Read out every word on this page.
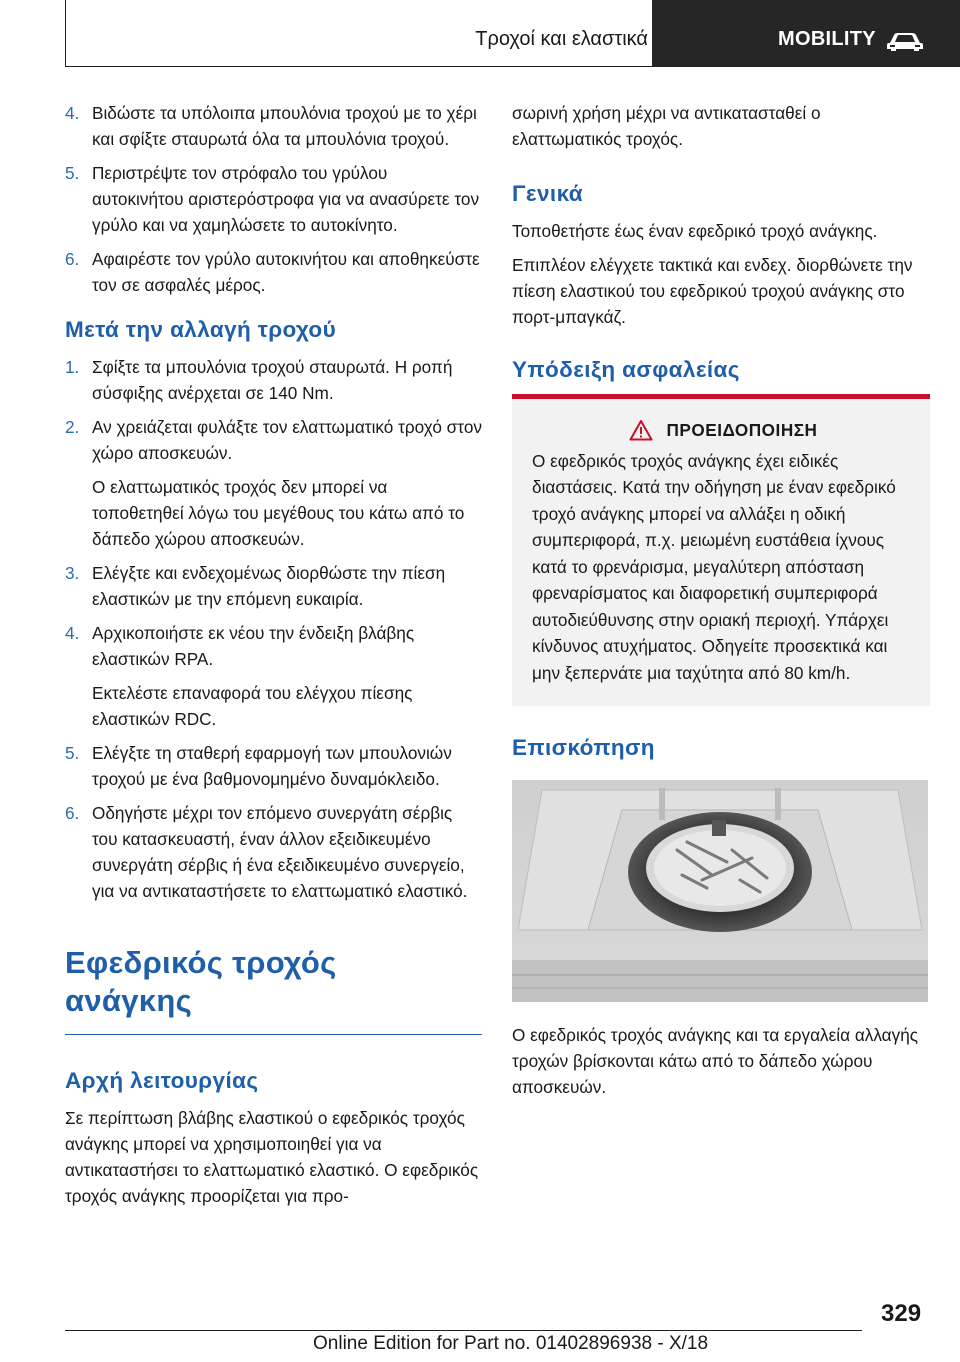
Τροχοί και ελαστικά	MOBILITY
4. Βιδώστε τα υπόλοιπα μπουλόνια τροχού με το χέρι και σφίξτε σταυρωτά όλα τα μπουλόνια τροχού.
5. Περιστρέψτε τον στρόφαλο του γρύλου αυτοκινήτου αριστερόστροφα για να ανασύρετε τον γρύλο και να χαμηλώσετε το αυτοκίνητο.
6. Αφαιρέστε τον γρύλο αυτοκινήτου και αποθηκεύστε τον σε ασφαλές μέρος.
Μετά την αλλαγή τροχού
1. Σφίξτε τα μπουλόνια τροχού σταυρωτά. Η ροπή σύσφιξης ανέρχεται σε 140 Nm.
2. Αν χρειάζεται φυλάξτε τον ελαττωματικό τροχό στον χώρο αποσκευών.
Ο ελαττωματικός τροχός δεν μπορεί να τοποθετηθεί λόγω του μεγέθους του κάτω από το δάπεδο χώρου αποσκευών.
3. Ελέγξτε και ενδεχομένως διορθώστε την πίεση ελαστικών με την επόμενη ευκαιρία.
4. Αρχικοποιήστε εκ νέου την ένδειξη βλάβης ελαστικών RPA.
Εκτελέστε επαναφορά του ελέγχου πίεσης ελαστικών RDC.
5. Ελέγξτε τη σταθερή εφαρμογή των μπουλονιών τροχού με ένα βαθμονομημένο δυναμόκλειδο.
6. Οδηγήστε μέχρι τον επόμενο συνεργάτη σέρβις του κατασκευαστή, έναν άλλον εξειδικευμένο συνεργάτη σέρβις ή ένα εξειδικευμένο συνεργείο, για να αντικαταστήσετε το ελαττωματικό ελαστικό.
Εφεδρικός τροχός
ανάγκης
Αρχή λειτουργίας

Σε περίπτωση βλάβης ελαστικού ο εφεδρικός τροχός ανάγκης μπορεί να χρησιμοποιηθεί για να αντικαταστήσει το ελαττωματικό ελαστικό. Ο εφεδρικός τροχός ανάγκης προορίζεται για προ-

σωρινή χρήση μέχρι να αντικατασταθεί ο ελαττωματικός τροχός.

Γενικά

Τοποθετήστε έως έναν εφεδρικό τροχό ανάγκης.

Επιπλέον ελέγχετε τακτικά και ενδεχ. διορθώνετε την πίεση ελαστικού του εφεδρικού τροχού ανάγκης στο πορτ-μπαγκάζ.

Υπόδειξη ασφαλείας
ΠΡΟΕΙΔΟΠΟΙΗΣΗ
Ο εφεδρικός τροχός ανάγκης έχει ειδικές διαστάσεις. Κατά την οδήγηση με έναν εφεδρικό τροχό ανάγκης μπορεί να αλλάξει η οδική συμπεριφορά, π.χ. μειωμένη ευστάθεια ίχνους κατά το φρενάρισμα, μεγαλύτερη απόσταση φρεναρίσματος και διαφορετική συμπεριφορά αυτοδιεύθυνσης στην οριακή περιοχή. Υπάρχει κίνδυνος ατυχήματος. Οδηγείτε προσεκτικά και μην ξεπερνάτε μια ταχύτητα από 80 km/h.
Επισκόπηση

Ο εφεδρικός τροχός ανάγκης και τα εργαλεία αλλαγής τροχών βρίσκονται κάτω από το δάπεδο χώρου αποσκευών.

329
Online Edition for Part no. 01402896938 - X/18
